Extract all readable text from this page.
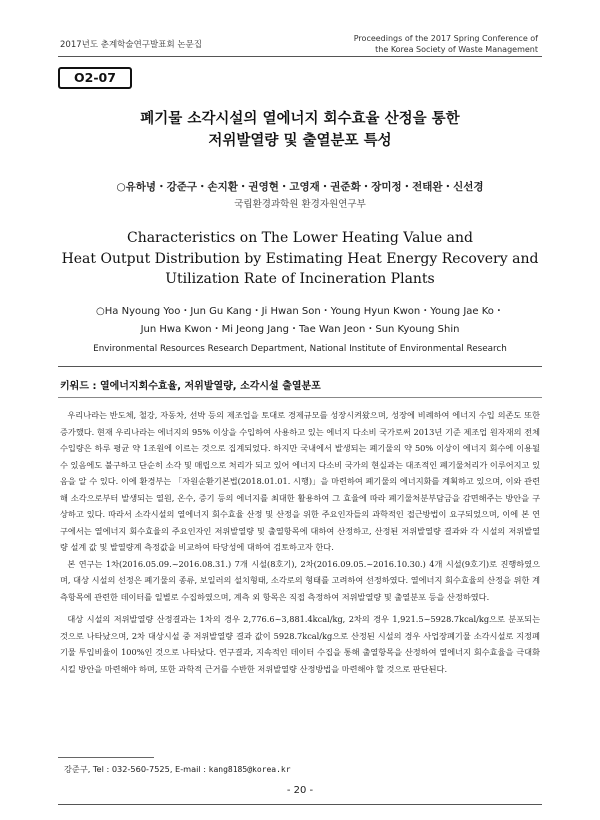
2017년도 춘계학술연구발표회 논문집
Proceedings of the 2017 Spring Conference of
the Korea Society of Waste Management
O2-07
폐기물 소각시설의 열에너지 회수효율 산정을 통한
저위발열량 및 출열분포 특성
○유하녕・강준구・손지환・권영현・고영재・권준화・장미정・전태완・신선경
국립환경과학원 환경자원연구부
Characteristics on The Lower Heating Value and
Heat Output Distribution by Estimating Heat Energy Recovery and
Utilization Rate of Incineration Plants
○Ha Nyoung Yoo・Jun Gu Kang・Ji Hwan Son・Young Hyun Kwon・Young Jae Ko・
Jun Hwa Kwon・Mi Jeong Jang・Tae Wan Jeon・Sun Kyoung Shin
Environmental Resources Research Department, National Institute of Environmental Research
키워드 : 열에너지회수효율, 저위발열량, 소각시설 출열분포

우리나라는 반도체, 철강, 자동차, 선박 등의 제조업을 토대로 경제규모를 성장시켜왔으며, 성장에 비례하여 에너지 수입 의존도 또한 증가했다. 현재 우리나라는 에너지의 95% 이상을 수입하여 사용하고 있는 에너지 다소비 국가로써 2013년 기준 제조업 원자재의 전체 수입량은 하루 평균 약 1조원에 이르는 것으로 집계되었다. 하지만 국내에서 발생되는 폐기물의 약 50% 이상이 에너지 회수에 이용될 수 있음에도 불구하고 단순히 소각 및 매립으로 처리가 되고 있어 에너지 다소비 국가의 현실과는 대조적인 폐기물처리가 이루어지고 있음을 알 수 있다. 이에 환경부는 「자원순환기본법(2018.01.01. 시행)」을 마련하여 폐기물의 에너지화를 계획하고 있으며, 이와 관련해 소각으로부터 발생되는 열원, 온수, 증기 등의 에너지를 최대한 활용하여 그 효율에 따라 폐기물처분부담금을 감면해주는 방안을 구상하고 있다. 따라서 소각시설의 열에너지 회수효율 산정 및 산정을 위한 주요인자들의 과학적인 접근방법이 요구되었으며, 이에 본 연구에서는 열에너지 회수효율의 주요인자인 저위발열량 및 출열항목에 대하여 산정하고, 산정된 저위발열량 결과와 각 시설의 저위발열량 설계 값 및 발열량계 측정값을 비교하여 타당성에 대하여 검토하고자 한다.

본 연구는 1차(2016.05.09.~2016.08.31.) 7개 시설(8호기), 2차(2016.09.05.~2016.10.30.) 4개 시설(9호기)로 진행하였으며, 대상 시설의 선정은 폐기물의 종류, 보일러의 설치형태, 소각로의 형태를 고려하여 선정하였다. 열에너지 회수효율의 산정을 위한 계측항목에 관련한 데이터를 일별로 수집하였으며, 계측 외 항목은 직접 측정하여 저위발열량 및 출열분포 등을 산정하였다.

대상 시설의 저위발열량 산정결과는 1차의 경우 2,776.6~3,881.4kcal/kg, 2차의 경우 1,921.5~5928.7kcal/kg으로 분포되는 것으로 나타났으며, 2차 대상시설 중 저위발열량 결과 값이 5928.7kcal/kg으로 산정된 시설의 경우 사업장폐기물 소각시설로 지정폐기물 투입비율이 100%인 것으로 나타났다. 연구결과, 지속적인 데이터 수집을 통해 출열항목을 산정하여 열에너지 회수효율을 극대화 시킬 방안을 마련해야 하며, 또한 과학적 근거를 수반한 저위발열량 산정방법을 마련해야 할 것으로 판단된다.

강준구, Tel : 032-560-7525, E-mail : kang8185@korea.kr
- 20 -
